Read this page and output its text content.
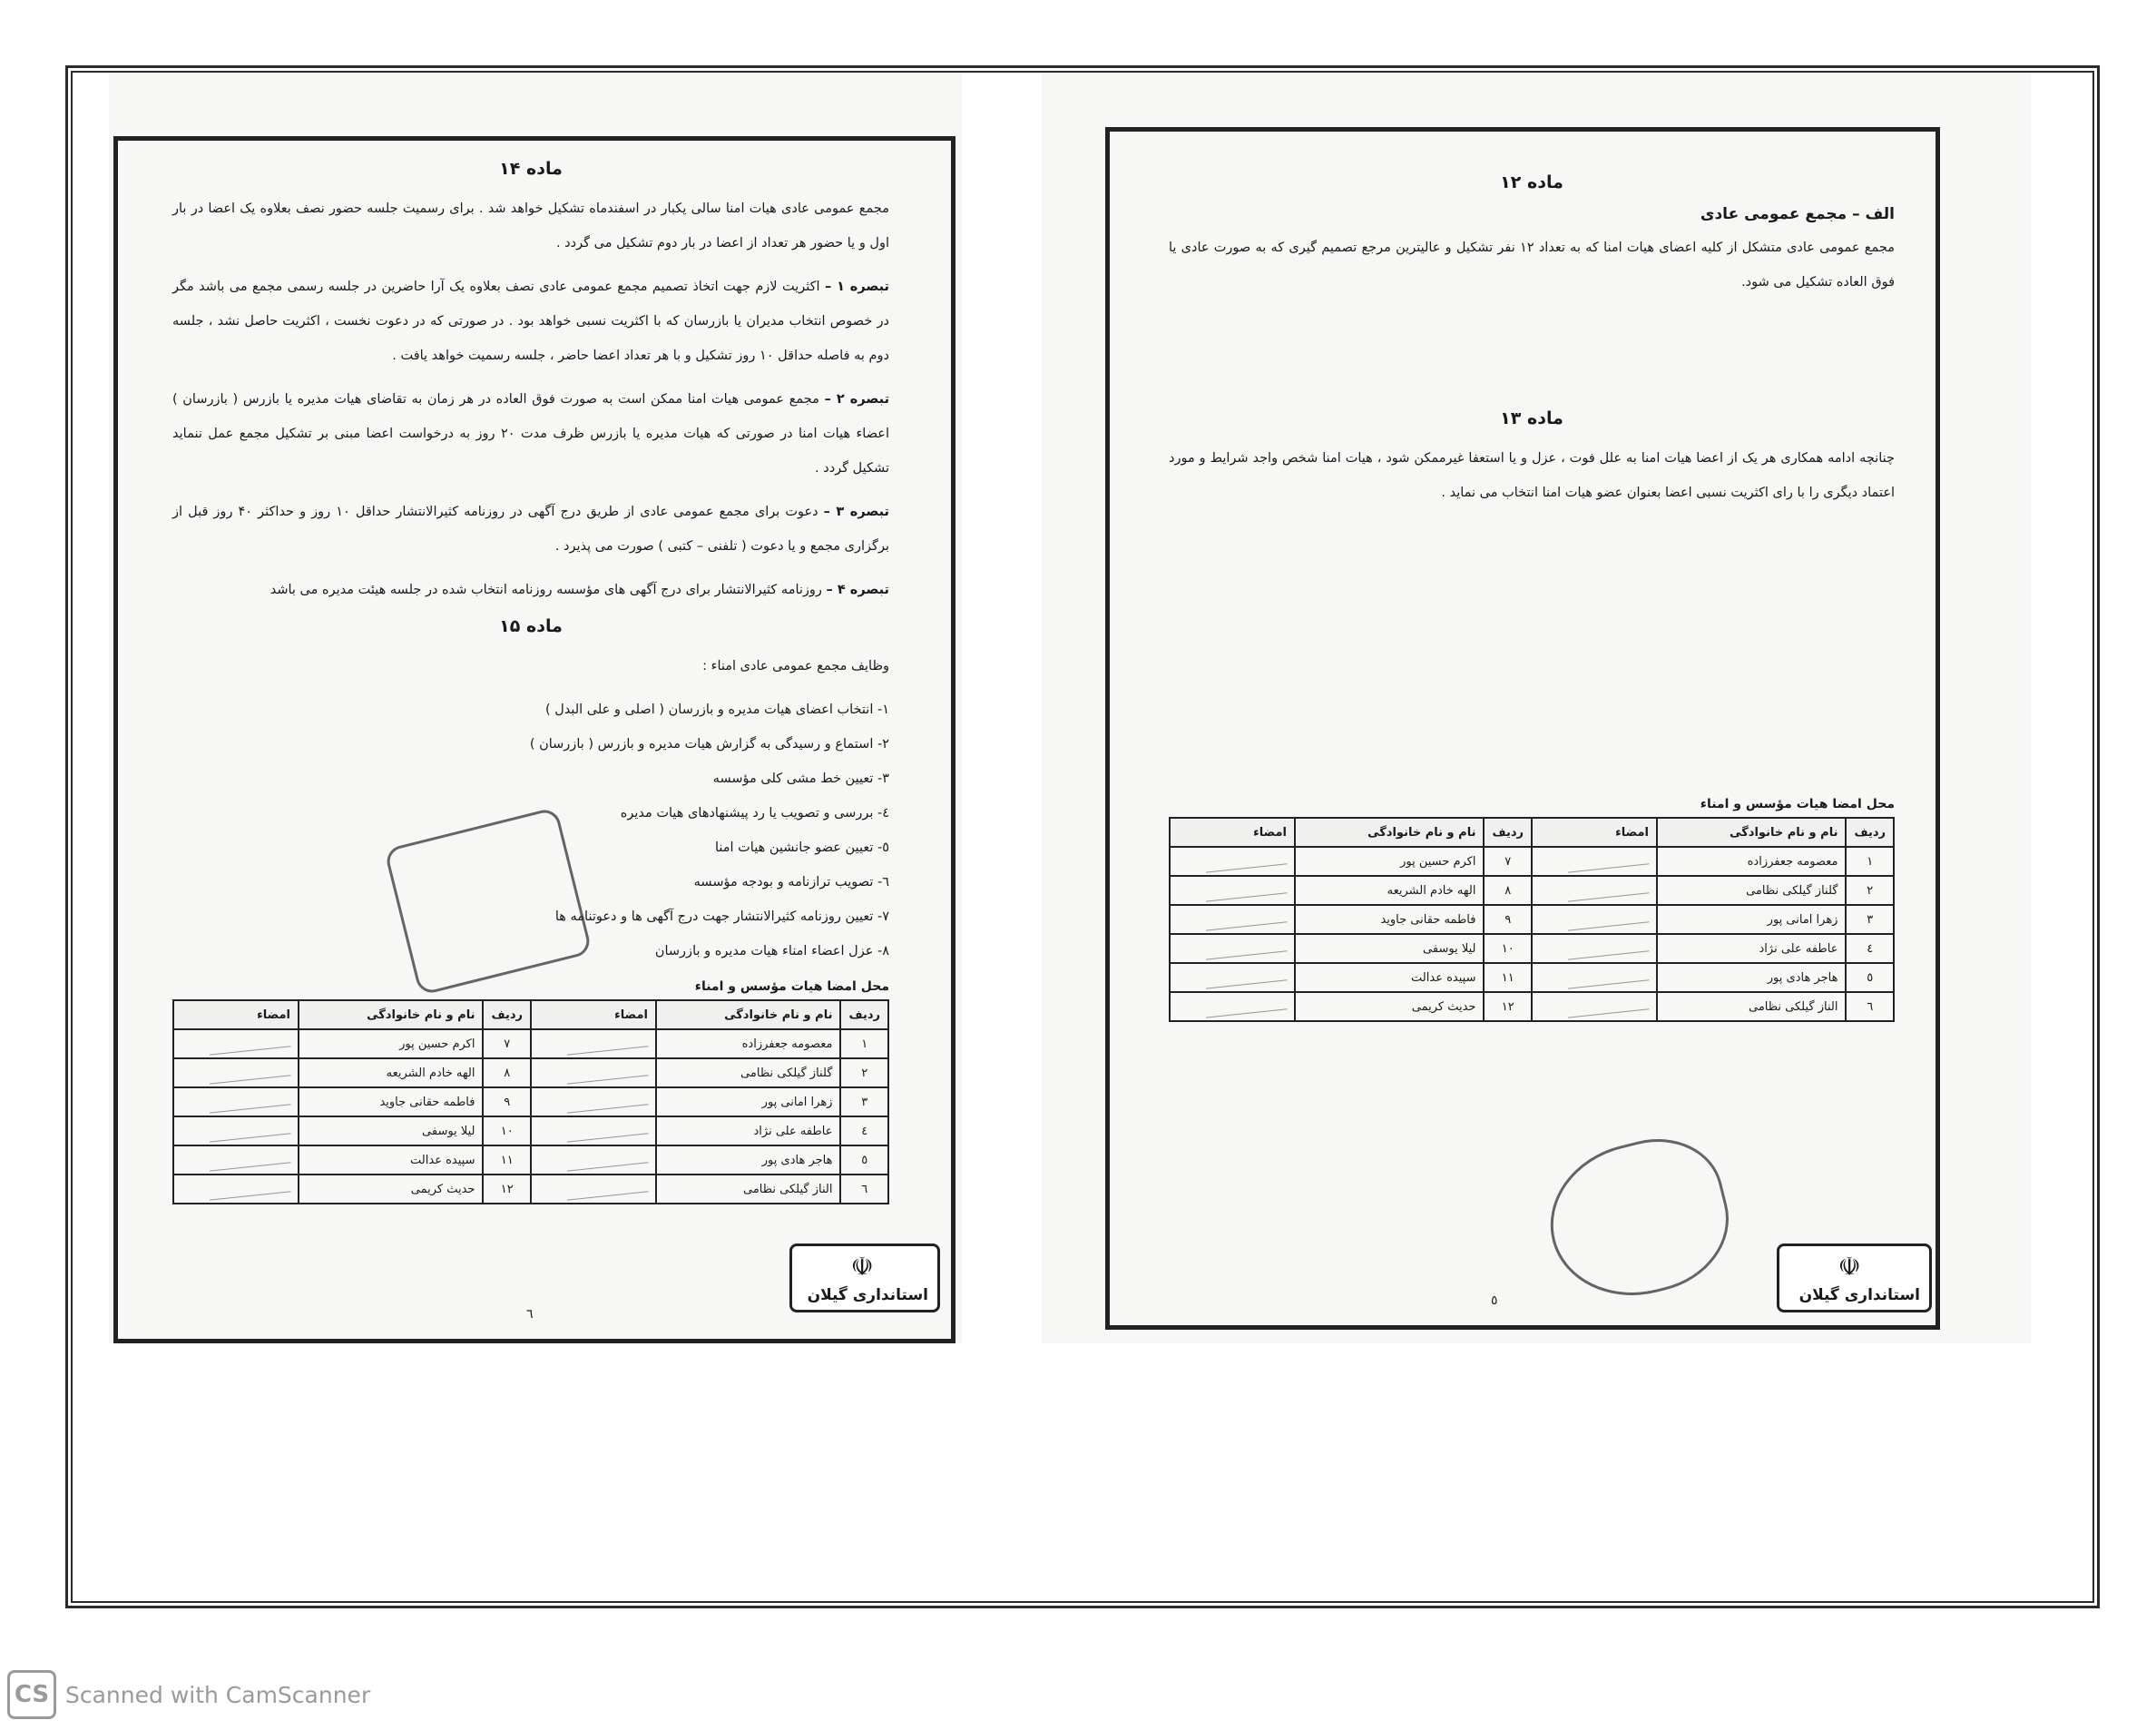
ماده ۱۴

مجمع عمومی عادی هیات امنا سالی یکبار در اسفندماه تشکیل خواهد شد . برای رسمیت جلسه حضور نصف بعلاوه یک اعضا در بار اول و یا حضور هر تعداد از اعضا در بار دوم تشکیل می گردد .

تبصره ۱ – اکثریت لازم جهت اتخاذ تصمیم مجمع عمومی عادی نصف بعلاوه یک آرا حاضرین در جلسه رسمی مجمع می باشد مگر در خصوص انتخاب مدیران یا بازرسان که با اکثریت نسبی خواهد بود . در صورتی که در دعوت نخست ، اکثریت حاصل نشد ، جلسه دوم به فاصله حداقل ۱۰ روز تشکیل و با هر تعداد اعضا حاضر ، جلسه رسمیت خواهد یافت .

تبصره ۲ – مجمع عمومی هیات امنا ممکن است به صورت فوق العاده در هر زمان به تقاضای هیات مدیره یا بازرس ( بازرسان ) اعضاء هیات امنا در صورتی که هیات مدیره یا بازرس ظرف مدت ۲۰ روز به درخواست اعضا مبنی بر تشکیل مجمع عمل ننماید تشکیل گردد .

تبصره ۳ – دعوت برای مجمع عمومی عادی از طریق درج آگهی در روزنامه کثیرالانتشار حداقل ۱۰ روز و حداکثر ۴۰ روز قبل از برگزاری مجمع و یا دعوت ( تلفنی – کتبی ) صورت می پذیرد .

تبصره ۴ – روزنامه کثیرالانتشار برای درج آگهی های مؤسسه روزنامه انتخاب شده در جلسه هیئت مدیره می باشد

ماده ۱۵

وظایف مجمع عمومی عادی امناء :

۱- انتخاب اعضای هیات مدیره و بازرسان ( اصلی و علی البدل )
۲- استماع و رسیدگی به گزارش هیات مدیره و بازرس ( بازرسان )
۳- تعیین خط مشی کلی مؤسسه
٤- بررسی و تصویب یا رد پیشنهادهای هیات مدیره
٥- تعیین عضو جانشین هیات امنا
٦- تصویب ترازنامه و بودجه مؤسسه
۷- تعیین روزنامه کثیرالانتشار جهت درج آگهی ها و دعوتنامه ها
۸- عزل اعضاء امناء هیات مدیره و بازرسان
محل امضا هیات مؤسس و امناء
ردیف	نام و نام خانوادگی	امضاء	ردیف	نام و نام خانوادگی	امضاء
۱	معصومه جعفرزاده		۷	اکرم حسین پور	

۲	گلناز گیلکی نظامی		۸	الهه خادم الشریعه	

۳	زهرا امانی پور		۹	فاطمه حقانی جاوید	

٤	عاطفه علی نژاد		۱۰	لیلا یوسفی	

٥	هاجر هادی پور		۱۱	سپیده عدالت	

٦	الناز گیلکی نظامی		۱۲	حدیث کریمی	
٦
☫
استانداری گیلان
ماده ۱۲
الف – مجمع عمومی عادی

مجمع عمومی عادی متشکل از کلیه اعضای هیات امنا که به تعداد ۱۲ نفر تشکیل و عالیترین مرجع تصمیم گیری که به صورت عادی یا فوق العاده تشکیل می شود.

ماده ۱۳

چنانچه ادامه همکاری هر یک از اعضا هیات امنا به علل فوت ، عزل و یا استعفا غیرممکن شود ، هیات امنا شخص واجد شرایط و مورد اعتماد دیگری را با رای اکثریت نسبی اعضا بعنوان عضو هیات امنا انتخاب می نماید .

محل امضا هیات مؤسس و امناء
ردیف	نام و نام خانوادگی	امضاء	ردیف	نام و نام خانوادگی	امضاء
۱	معصومه جعفرزاده		۷	اکرم حسین پور	

۲	گلناز گیلکی نظامی		۸	الهه خادم الشریعه	

۳	زهرا امانی پور		۹	فاطمه حقانی جاوید	

٤	عاطفه علی نژاد		۱۰	لیلا یوسفی	

٥	هاجر هادی پور		۱۱	سپیده عدالت	

٦	الناز گیلکی نظامی		۱۲	حدیث کریمی	
٥
☫
استانداری گیلان
CS Scanned with CamScanner
